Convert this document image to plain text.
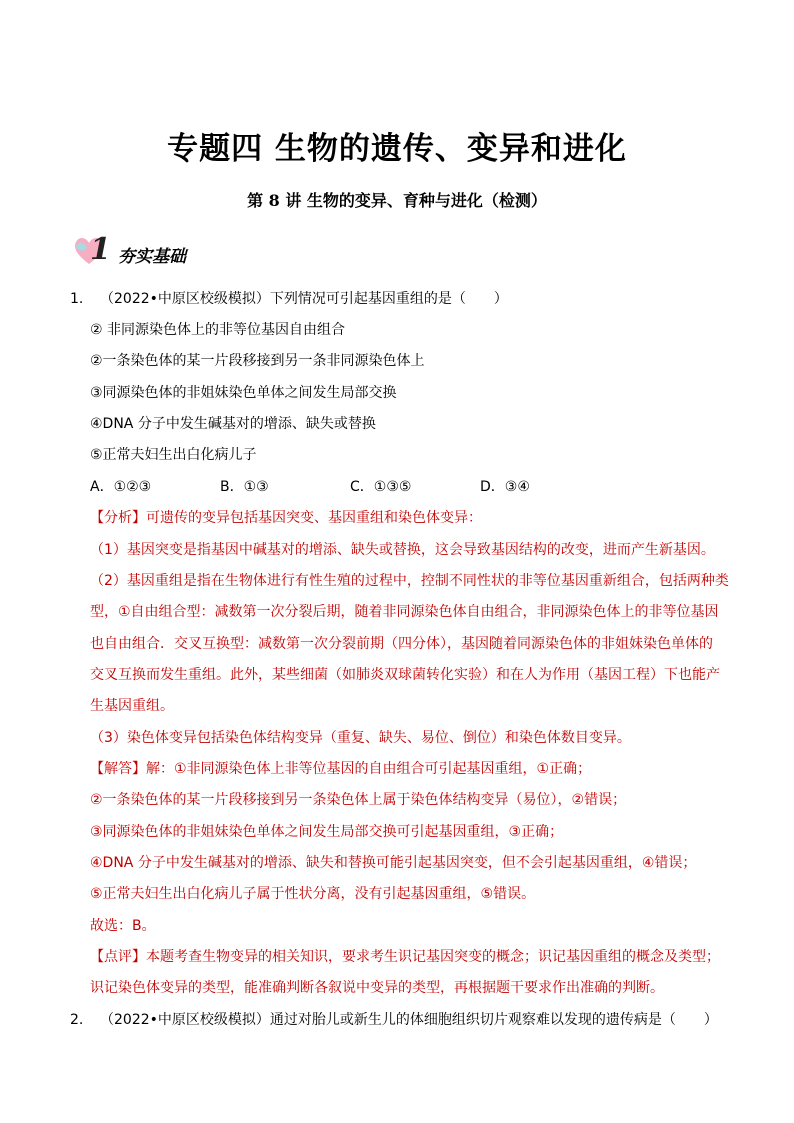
专题四 生物的遗传、变异和进化
第 8 讲 生物的变异、育种与进化（检测）
1 夯实基础
1. （2022•中原区校级模拟）下列情况可引起基因重组的是（　　）
② 非同源染色体上的非等位基因自由组合
②一条染色体的某一片段移接到另一条非同源染色体上
③同源染色体的非姐妹染色单体之间发生局部交换
④DNA 分子中发生碱基对的增添、缺失或替换
⑤正常夫妇生出白化病儿子
A．①②③	B．①③	C．①③⑤	D．③④
【分析】可遗传的变异包括基因突变、基因重组和染色体变异：
（1）基因突变是指基因中碱基对的增添、缺失或替换，这会导致基因结构的改变，进而产生新基因。
（2）基因重组是指在生物体进行有性生殖的过程中，控制不同性状的非等位基因重新组合，包括两种类
型，①自由组合型：减数第一次分裂后期，随着非同源染色体自由组合，非同源染色体上的非等位基因
也自由组合．交叉互换型：减数第一次分裂前期（四分体），基因随着同源染色体的非姐妹染色单体的
交叉互换而发生重组。此外，某些细菌（如肺炎双球菌转化实验）和在人为作用（基因工程）下也能产
生基因重组。
（3）染色体变异包括染色体结构变异（重复、缺失、易位、倒位）和染色体数目变异。
【解答】解：①非同源染色体上非等位基因的自由组合可引起基因重组，①正确；
②一条染色体的某一片段移接到另一条染色体上属于染色体结构变异（易位），②错误；
③同源染色体的非姐妹染色单体之间发生局部交换可引起基因重组，③正确；
④DNA 分子中发生碱基对的增添、缺失和替换可能引起基因突变，但不会引起基因重组，④错误；
⑤正常夫妇生出白化病儿子属于性状分离，没有引起基因重组，⑤错误。
故选：B。
【点评】本题考查生物变异的相关知识，要求考生识记基因突变的概念；识记基因重组的概念及类型；
识记染色体变异的类型，能准确判断各叙说中变异的类型，再根据题干要求作出准确的判断。
2. （2022•中原区校级模拟）通过对胎儿或新生儿的体细胞组织切片观察难以发现的遗传病是（　　）
